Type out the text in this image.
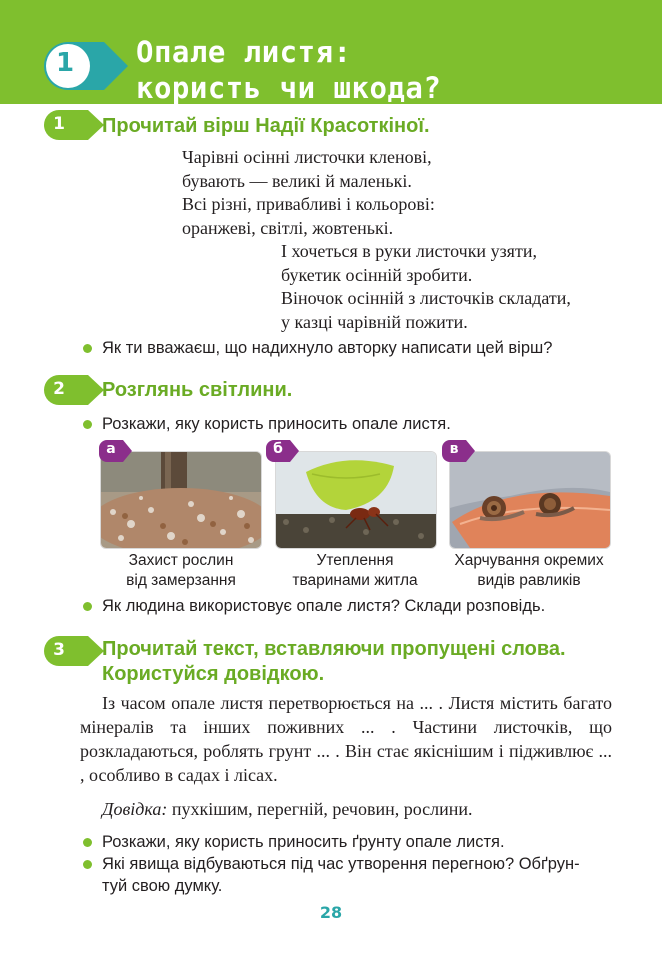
1	Опале листя:
користь чи шкода?
1	Прочитай вірш Надії Красоткіної.
Чарівні осінні листочки кленові,
бувають — великі й маленькі.
Всі різні, привабливі і кольорові:
оранжеві, світлі, жовтенькі.
І хочеться в руки листочки узяти,
букетик осінній зробити.
Віночок осінній з листочків складати,
у казці чарівній пожити.
Як ти вважаєш, що надихнуло авторку написати цей вірш?
2	Розглянь світлини.
Розкажи, яку користь приносить опале листя.
а	б	в
Захист рослин
від замерзання
Утеплення
тваринами житла
Харчування окремих
видів равликів
Як людина використовує опале листя? Склади розповідь.
3	Прочитай текст, вставляючи пропущені слова.
Користуйся довідкою.
Із часом опале листя перетворюється на ... . Листя містить багато мінералів та інших поживних ... . Частини листочків, що розкладаються, роблять грунт ... . Він стає якіснішим і підживлює ... , особливо в садах і лісах.
Довідка: пухкішим, перегній, речовин, рослини.
Розкажи, яку користь приносить ґрунту опале листя.
Які явища відбуваються під час утворення перегною? Обґрун-
туй свою думку.
28
